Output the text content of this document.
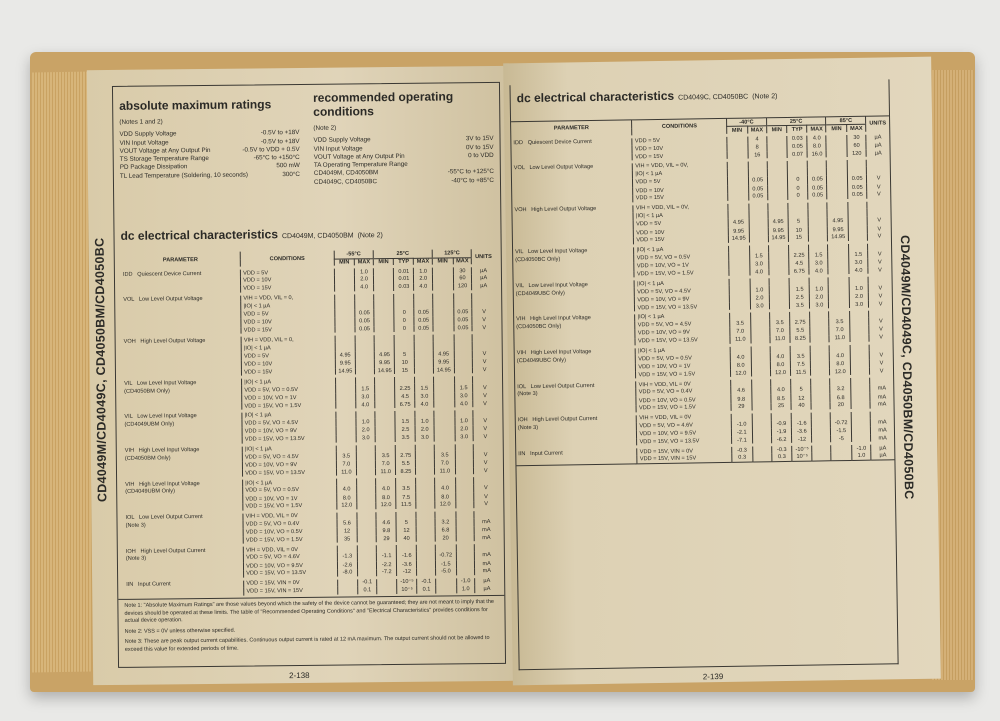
CD4049M/CD4049C, CD4050BM/CD4050BC
absolute maximum ratings
(Notes 1 and 2)
VDD Supply Voltage	-0.5V to +18V
VIN Input Voltage	-0.5V to +18V
VOUT Voltage at Any Output Pin	-0.5V to VDD + 0.5V
TS Storage Temperature Range	-65°C to +150°C
PD Package Dissipation	500 mW
TL Lead Temperature (Soldering, 10 seconds)	300°C
recommended operating conditions
(Note 2)
VDD Supply Voltage	3V to 15V
VIN Input Voltage	0V to 15V
VOUT Voltage at Any Output Pin	0 to VDD
TA Operating Temperature Range
CD4049M, CD4050BM	-55°C to +125°C
CD4049C, CD4050BC	-40°C to +85°C
dc electrical characteristics CD4049M, CD4050BM (Note 2)
PARAMETER	CONDITIONS	-55°C		25°C			125°C		UNITS
		MIN	MAX	MIN	TYP	MAX	MIN	MAX	
IDD   Quiescent Device Current	VDD = 5V		1.0		0.01	1.0		30	µA
	VDD = 10V		2.0		0.01	2.0		60	µA
	VDD = 15V		4.0		0.03	4.0		120	µA
VOL   Low Level Output Voltage	VIH = VDD, VIL = 0,								
	|IO| < 1 µA								
	VDD = 5V		0.05		0	0.05		0.05	V
	VDD = 10V		0.05		0	0.05		0.05	V
	VDD = 15V		0.05		0	0.05		0.05	V
VOH   High Level Output Voltage	VIH = VDD, VIL = 0,								
	|IO| < 1 µA								
	VDD = 5V	4.95		4.95	5		4.95		V
	VDD = 10V	9.95		9.95	10		9.95		V
	VDD = 15V	14.95		14.95	15		14.95		V
VIL   Low Level Input Voltage	|IO| < 1 µA								
(CD4050BM Only)	VDD = 5V, VO = 0.5V		1.5		2.25	1.5		1.5	V
	VDD = 10V, VO = 1V		3.0		4.5	3.0		3.0	V
	VDD = 15V, VO = 1.5V		4.0		6.75	4.0		4.0	V
VIL   Low Level Input Voltage	|IO| < 1 µA								
(CD4049UBM Only)	VDD = 5V, VO = 4.5V		1.0		1.5	1.0		1.0	V
	VDD = 10V, VO = 9V		2.0		2.5	2.0		2.0	V
	VDD = 15V, VO = 13.5V		3.0		3.5	3.0		3.0	V
VIH   High Level Input Voltage	|IO| < 1 µA								
(CD4050BM Only)	VDD = 5V, VO = 4.5V	3.5		3.5	2.75		3.5		V
	VDD = 10V, VO = 9V	7.0		7.0	5.5		7.0		V
	VDD = 15V, VO = 13.5V	11.0		11.0	8.25		11.0		V
VIH   High Level Input Voltage	|IO| < 1 µA								
(CD4049UBM Only)	VDD = 5V, VO = 0.5V	4.0		4.0	3.5		4.0		V
	VDD = 10V, VO = 1V	8.0		8.0	7.5		8.0		V
	VDD = 15V, VO = 1.5V	12.0		12.0	11.5		12.0		V
IOL   Low Level Output Current	VIH = VDD, VIL = 0V								
(Note 3)	VDD = 5V, VO = 0.4V	5.6		4.6	5		3.2		mA
	VDD = 10V, VO = 0.5V	12		9.8	12		6.8		mA
	VDD = 15V, VO = 1.5V	35		29	40		20		mA
IOH   High Level Output Current	VIH = VDD, VIL = 0V								
(Note 3)	VDD = 5V, VO = 4.6V	-1.3		-1.1	-1.6		-0.72		mA
	VDD = 10V, VO = 9.5V	-2.6		-2.2	-3.6		-1.5		mA
	VDD = 15V, VO = 13.5V	-8.0		-7.2	-12		-5.0		mA
IIN   Input Current	VDD = 15V, VIN = 0V		-0.1		-10⁻⁵	-0.1		-1.0	µA
	VDD = 15V, VIN = 15V		0.1		10⁻⁵	0.1		1.0	µA
Note 1: "Absolute Maximum Ratings" are those values beyond which the safety of the device cannot be guaranteed; they are not meant to imply that the devices should be operated at these limits. The table of "Recommended Operating Conditions" and "Electrical Characteristics" provides conditions for actual device operation.
Note 2: VSS = 0V unless otherwise specified.
Note 3: These are peak output current capabilities. Continuous output current is rated at 12 mA maximum. The output current should not be allowed to exceed this value for extended periods of time.
2-138
CD4049M/CD4049C, CD4050BM/CD4050BC
dc electrical characteristics CD4049C, CD4050BC (Note 2)
PARAMETER	CONDITIONS	-40°C		25°C			85°C		UNITS
		MIN	MAX	MIN	TYP	MAX	MIN	MAX	
IDD   Quiescent Device Current	VDD = 5V		4		0.03	4.0		30	µA
	VDD = 10V		8		0.05	8.0		60	µA
	VDD = 15V		16		0.07	16.0		120	µA
VOL   Low Level Output Voltage	VIH = VDD, VIL = 0V,								
	|IO| < 1 µA								
	VDD = 5V		0.05		0	0.05		0.05	V
	VDD = 10V		0.05		0	0.05		0.05	V
	VDD = 15V		0.05		0	0.05		0.05	V
VOH   High Level Output Voltage	VIH = VDD, VIL = 0V,								
	|IO| < 1 µA								
	VDD = 5V	4.95		4.95	5		4.95		V
	VDD = 10V	9.95		9.95	10		9.95		V
	VDD = 15V	14.95		14.95	15		14.95		V
VIL   Low Level Input Voltage	|IO| < 1 µA								
(CD4050BC Only)	VDD = 5V, VO = 0.5V		1.5		2.25	1.5		1.5	V
	VDD = 10V, VO = 1V		3.0		4.5	3.0		3.0	V
	VDD = 15V, VO = 1.5V		4.0		6.75	4.0		4.0	V
VIL   Low Level Input Voltage	|IO| < 1 µA								
(CD4049UBC Only)	VDD = 5V, VO = 4.5V		1.0		1.5	1.0		1.0	V
	VDD = 10V, VO = 9V		2.0		2.5	2.0		2.0	V
	VDD = 15V, VO = 13.5V		3.0		3.5	3.0		3.0	V
VIH   High Level Input Voltage	|IO| < 1 µA								
(CD4050BC Only)	VDD = 5V, VO = 4.5V	3.5		3.5	2.75		3.5		V
	VDD = 10V, VO = 9V	7.0		7.0	5.5		7.0		V
	VDD = 15V, VO = 13.5V	11.0		11.0	8.25		11.0		V
VIH   High Level Input Voltage	|IO| < 1 µA								
(CD4049UBC Only)	VDD = 5V, VO = 0.5V	4.0		4.0	3.5		4.0		V
	VDD = 10V, VO = 1V	8.0		8.0	7.5		8.0		V
	VDD = 15V, VO = 1.5V	12.0		12.0	11.5		12.0		V
IOL   Low Level Output Current	VIH = VDD, VIL = 0V								
(Note 3)	VDD = 5V, VO = 0.4V	4.6		4.0	5		3.2		mA
	VDD = 10V, VO = 0.5V	9.8		8.5	12		6.8		mA
	VDD = 15V, VO = 1.5V	29		25	40		20		mA
IOH   High Level Output Current	VIH = VDD, VIL = 0V								
(Note 3)	VDD = 5V, VO = 4.6V	-1.0		-0.9	-1.6		-0.72		mA
	VDD = 10V, VO = 9.5V	-2.1		-1.9	-3.6		-1.5		mA
	VDD = 15V, VO = 13.5V	-7.1		-6.2	-12		-5		mA
IIN   Input Current	VDD = 15V, VIN = 0V	-0.3		-0.3	-10⁻⁵			-1.0	µA
	VDD = 15V, VIN = 15V	0.3		0.3	10⁻⁵			1.0	µA
2-139
